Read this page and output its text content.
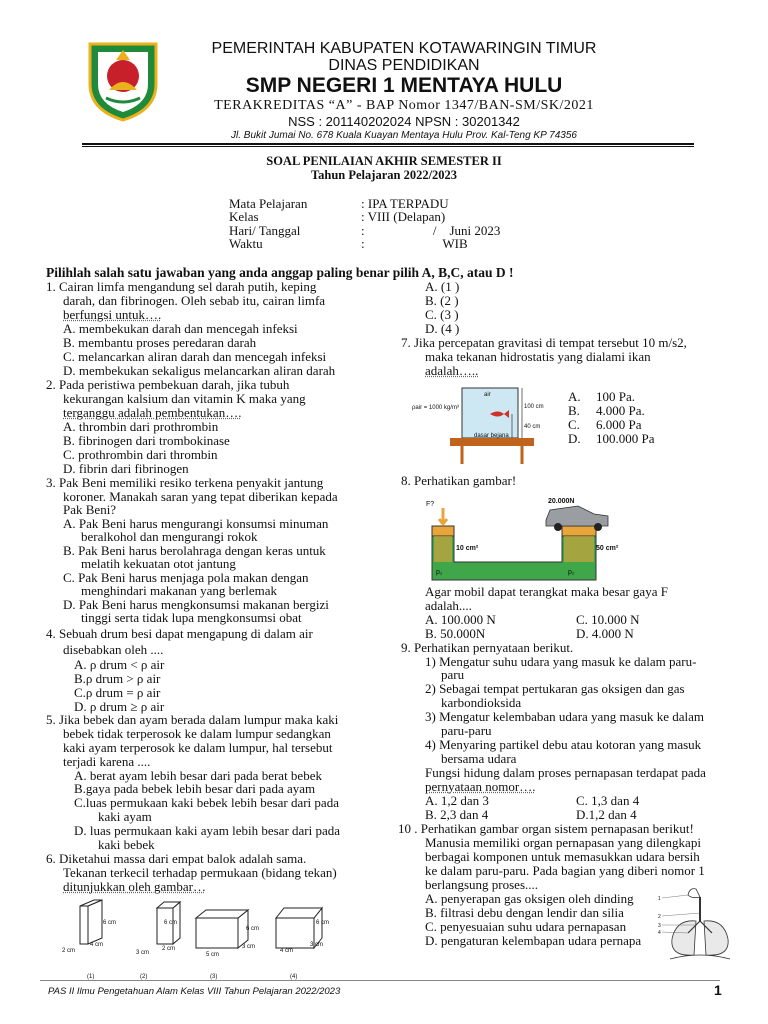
PEMERINTAH KABUPATEN KOTAWARINGIN TIMUR
DINAS PENDIDIKAN
SMP NEGERI 1 MENTAYA HULU
TERAKREDITAS “A” - BAP Nomor 1347/BAN-SM/SK/2021
NSS : 201140202024 NPSN : 30201342
Jl. Bukit Jumai No. 678 Kuala Kuayan Mentaya Hulu Prov. Kal-Teng KP 74356
SOAL PENILAIAN AKHIR SEMESTER II
Tahun Pelajaran 2022/2023
Mata Pelajaran	: IPA TERPADU
Kelas	: VIII (Delapan)
Hari/ Tanggal	:                     /    Juni 2023
Waktu	:                        WIB
Pilihlah salah satu jawaban yang anda anggap paling benar pilih A, B,C, atau D !
1. Cairan limfa mengandung sel darah putih, keping
darah, dan fibrinogen. Oleh sebab itu, cairan limfa
berfungsi untuk….
A. membekukan darah dan mencegah infeksi
B. membantu proses peredaran darah
C. melancarkan aliran darah dan mencegah infeksi
D. membekukan sekaligus melancarkan aliran darah
2. Pada peristiwa pembekuan darah, jika tubuh
kekurangan kalsium dan vitamin K maka yang
terganggu adalah pembentukan….
A. thrombin dari prothrombin
B. fibrinogen dari trombokinase
C. prothrombin dari thrombin
D. fibrin dari fibrinogen
3. Pak Beni memiliki resiko terkena penyakit jantung
koroner. Manakah saran yang tepat diberikan kepada
Pak Beni?
A. Pak Beni harus mengurangi konsumsi minuman
beralkohol dan mengurangi rokok
B. Pak Beni harus berolahraga dengan keras untuk
melatih kekuatan otot jantung
C. Pak Beni harus menjaga pola makan dengan
menghindari makanan yang berlemak
D. Pak Beni harus mengkonsumsi makanan bergizi
tinggi serta tidak lupa mengkonsumsi obat
4. Sebuah drum besi dapat mengapung di dalam air
disebabkan oleh ....
A. ρ drum < ρ air
B.ρ drum > ρ air
C.ρ drum = ρ air
D. ρ drum ≥ ρ air
5. Jika bebek dan ayam berada dalam lumpur maka kaki
bebek tidak terperosok ke dalam lumpur sedangkan
kaki ayam terperosok ke dalam lumpur, hal tersebut
terjadi karena ....
A. berat ayam lebih besar dari pada berat bebek
B.gaya pada bebek lebih besar dari pada ayam
C.luas permukaan kaki bebek lebih besar dari pada
kaki ayam
D. luas permukaan kaki ayam lebih besar dari pada
kaki bebek
6. Diketahui massa dari empat balok adalah sama.
Tekanan terkecil terhadap permukaan (bidang tekan)
ditunjukkan oleh gambar…
6 cm
2 cm
4 cm
(1)
6 cm
3 cm
2 cm
(2)
6 cm
5 cm
3 cm
(3)
6 cm
4 cm
3 cm
(4)
A. (1 )
B. (2 )
C. (3 )
D. (4 )
7. Jika percepatan gravitasi di tempat tersebut 10 m/s2,
maka tekanan hidrostatis yang dialami ikan
adalah…..
air
100 cm
40 cm
ρair = 1000 kg/m³
dasar bejana
A. 100 Pa.
B. 4.000 Pa.
C. 6.000 Pa
D. 100.000 Pa
8. Perhatikan gambar!
F?	20.000N
10 cm²	50 cm²
p₁	p₂
Agar mobil dapat terangkat maka besar gaya F
adalah....
A. 100.000 N
B. 50.000N
C. 10.000 N
D. 4.000 N
9. Perhatikan pernyataan berikut.
1) Mengatur suhu udara yang masuk ke dalam paru-
paru
2) Sebagai tempat pertukaran gas oksigen dan gas
karbondioksida
3) Mengatur kelembaban udara yang masuk ke dalam
paru-paru
4) Menyaring partikel debu atau kotoran yang masuk
bersama udara
Fungsi hidung dalam proses pernapasan terdapat pada
pernyataan nomor….
A. 1,2 dan 3
B. 2,3 dan 4
C. 1,3 dan 4
D.1,2 dan 4
10 . Perhatikan gambar organ sistem pernapasan berikut!
Manusia memiliki organ pernapasan yang dilengkapi
berbagai komponen untuk memasukkan udara bersih
ke dalam paru-paru. Pada bagian yang diberi nomor 1
berlangsung proses....
A. penyerapan gas oksigen oleh dinding
B. filtrasi debu dengan lendir dan silia
C. penyesuaian suhu udara pernapasan
D. pengaturan kelembapan udara pernapa
1
2
3
4
PAS II Ilmu Pengetahuan Alam Kelas VIII Tahun Pelajaran 2022/2023	1
